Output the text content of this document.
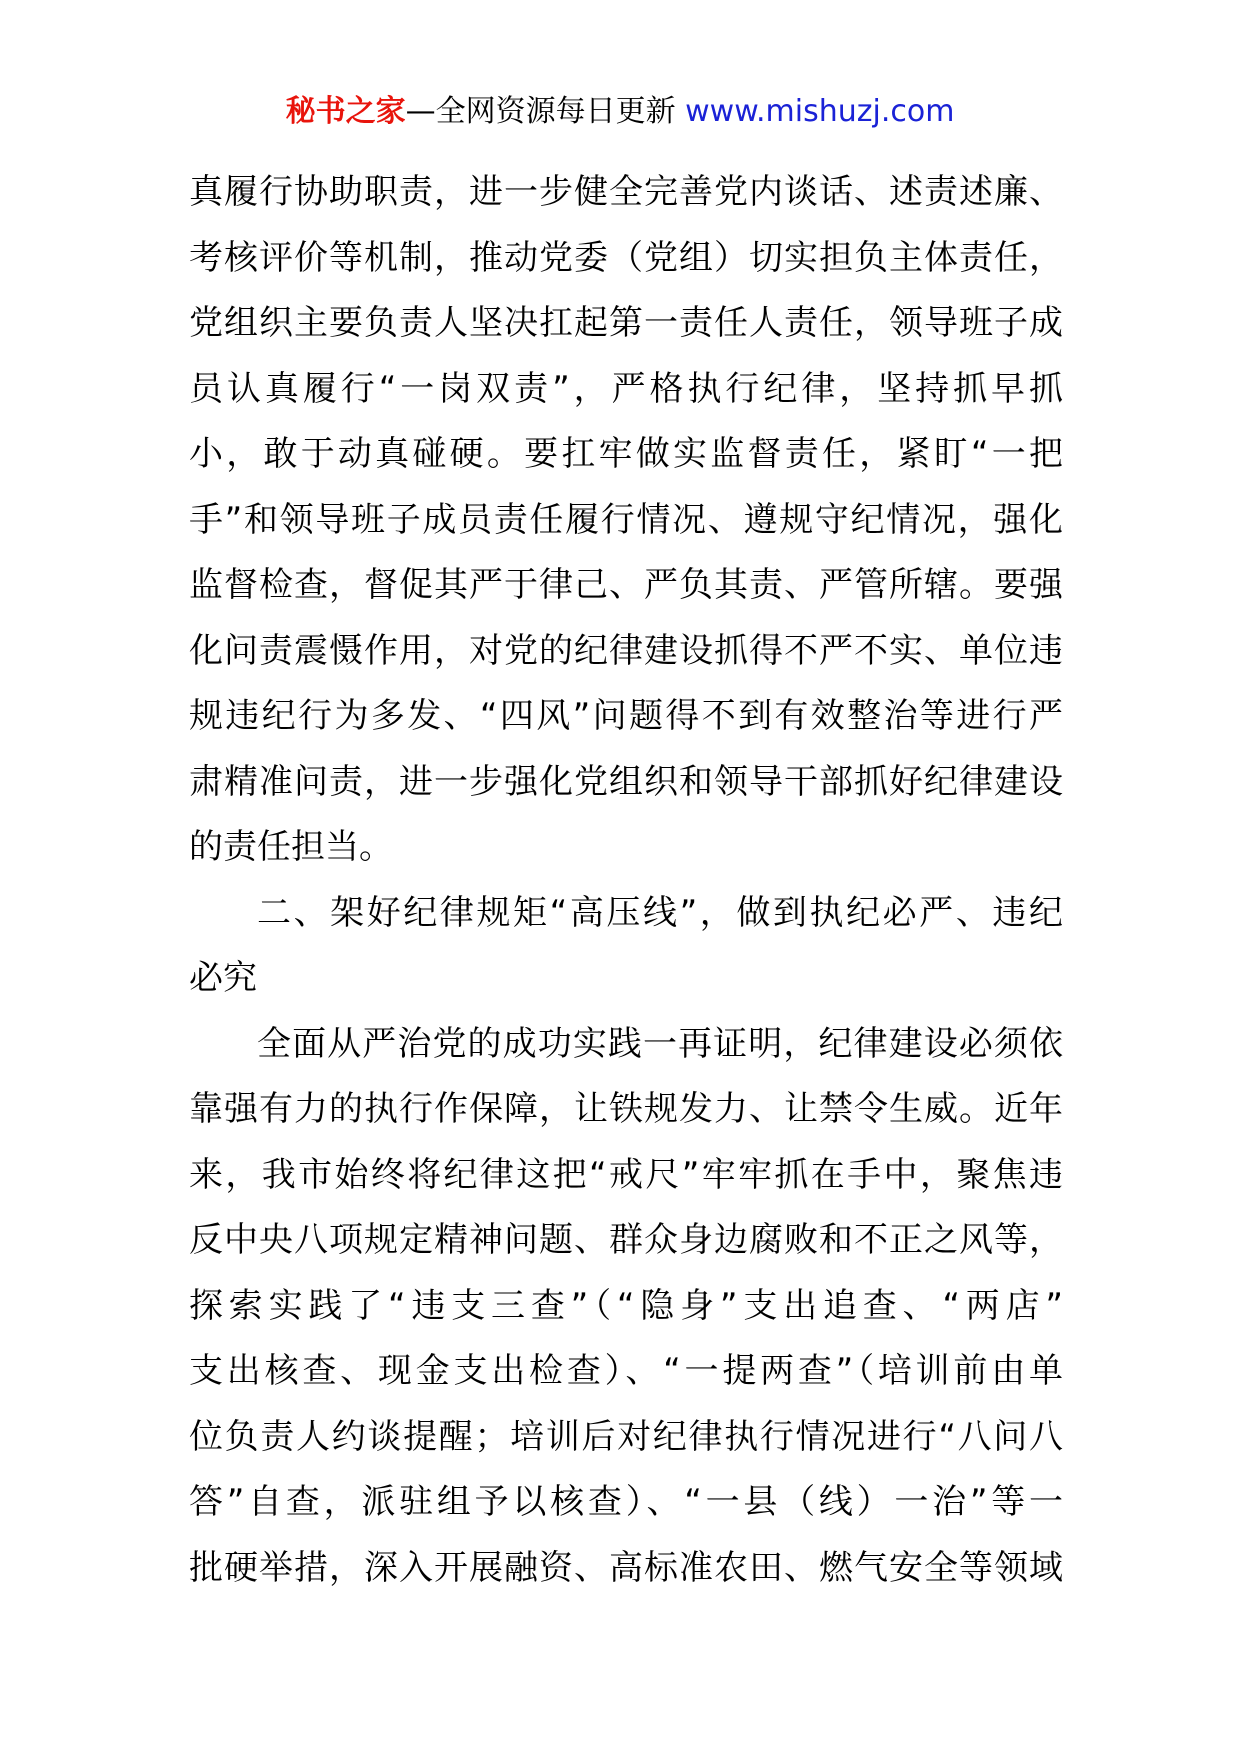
秘书之家—全网资源每日更新 www.mishuzj.com
真履行协助职责，进一步健全完善党内谈话、述责述廉、
考核评价等机制，推动党委（党组）切实担负主体责任，
党组织主要负责人坚决扛起第一责任人责任，领导班子成
员认真履行“一岗双责”，严格执行纪律，坚持抓早抓
小，敢于动真碰硬。要扛牢做实监督责任，紧盯“一把
手”和领导班子成员责任履行情况、遵规守纪情况，强化
监督检查，督促其严于律己、严负其责、严管所辖。要强
化问责震慑作用，对党的纪律建设抓得不严不实、单位违
规违纪行为多发、“四风”问题得不到有效整治等进行严
肃精准问责，进一步强化党组织和领导干部抓好纪律建设
的责任担当。
二、架好纪律规矩“高压线”，做到执纪必严、违纪
必究
全面从严治党的成功实践一再证明，纪律建设必须依
靠强有力的执行作保障，让铁规发力、让禁令生威。近年
来，我市始终将纪律这把“戒尺”牢牢抓在手中，聚焦违
反中央八项规定精神问题、群众身边腐败和不正之风等，
探索实践了“违支三查”（“隐身”支出追查、“两店”
支出核查、现金支出检查）、“一提两查”（培训前由单
位负责人约谈提醒；培训后对纪律执行情况进行“八问八
答”自查，派驻组予以核查）、“一县（线）一治”等一
批硬举措，深入开展融资、高标准农田、燃气安全等领域
